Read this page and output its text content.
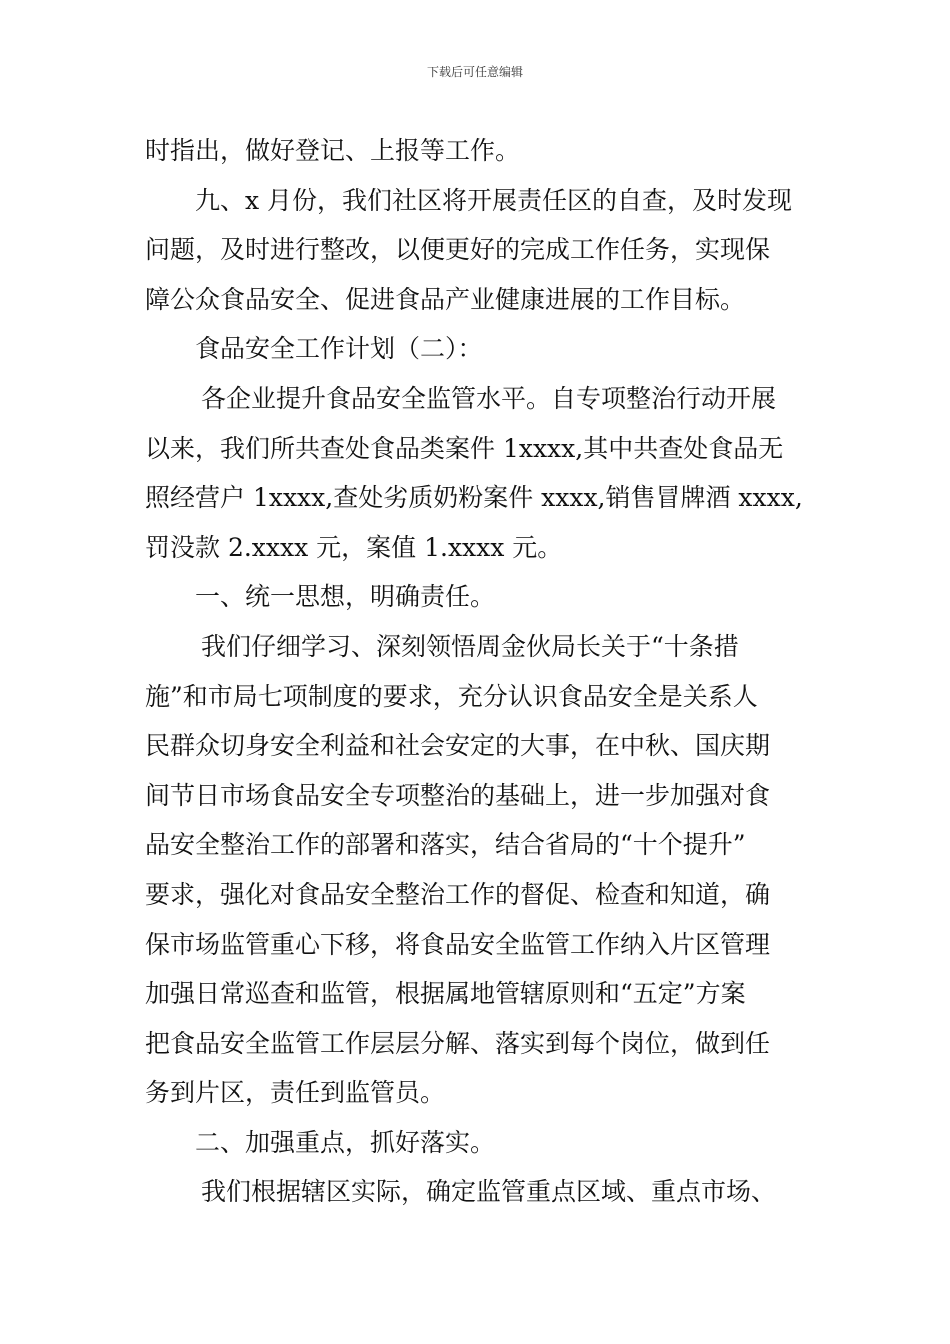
下载后可任意编辑
时指出，做好登记、上报等工作。
九、x 月份，我们社区将开展责任区的自查，及时发现
问题，及时进行整改，以便更好的完成工作任务，实现保
障公众食品安全、促进食品产业健康进展的工作目标。
食品安全工作计划（二）：
各企业提升食品安全监管水平。自专项整治行动开展
以来，我们所共查处食品类案件 1xxxx,其中共查处食品无
照经营户 1xxxx,查处劣质奶粉案件 xxxx,销售冒牌酒 xxxx,
罚没款 2.xxxx 元，案值 1.xxxx 元。
一、统一思想，明确责任。
我们仔细学习、深刻领悟周金伙局长关于“十条措
施”和市局七项制度的要求，充分认识食品安全是关系人
民群众切身安全利益和社会安定的大事，在中秋、国庆期
间节日市场食品安全专项整治的基础上，进一步加强对食
品安全整治工作的部署和落实，结合省局的“十个提升”
要求，强化对食品安全整治工作的督促、检查和知道，确
保市场监管重心下移，将食品安全监管工作纳入片区管理
加强日常巡查和监管，根据属地管辖原则和“五定”方案
把食品安全监管工作层层分解、落实到每个岗位，做到任
务到片区，责任到监管员。
二、加强重点，抓好落实。
我们根据辖区实际，确定监管重点区域、重点市场、
